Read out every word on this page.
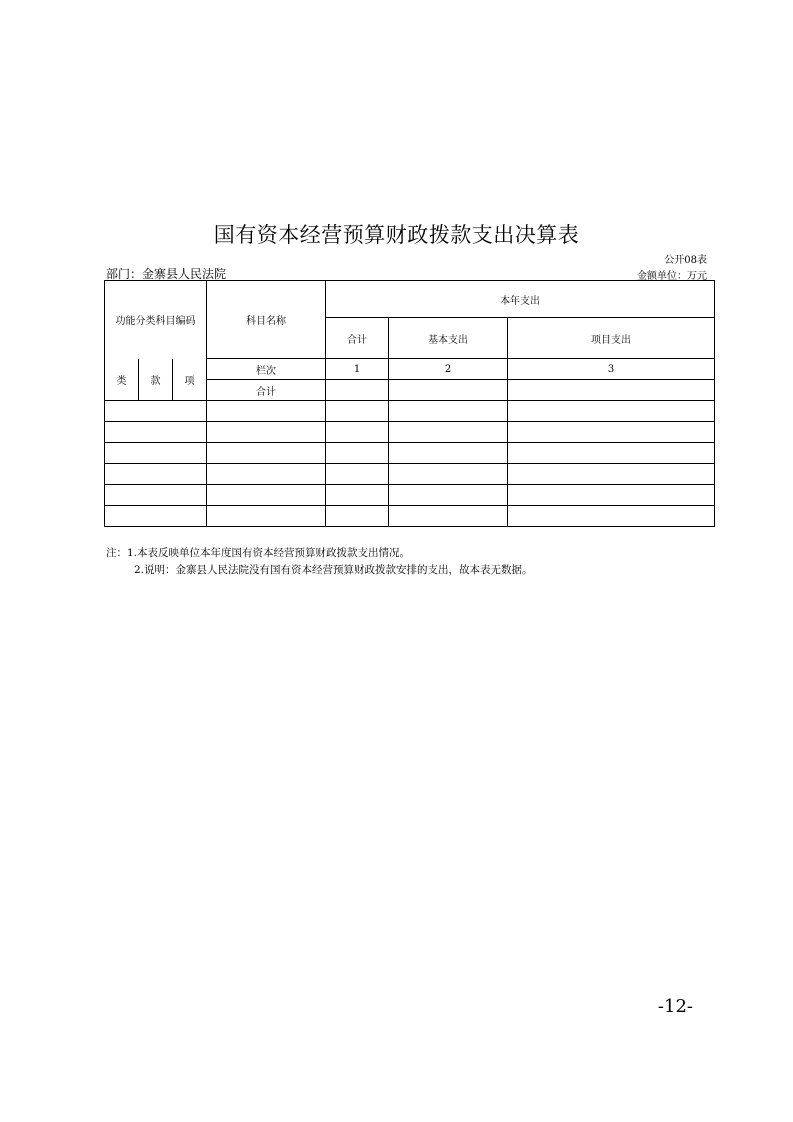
国有资本经营预算财政拨款支出决算表
公开08表
部门：金寨县人民法院	金额单位：万元
功能分类科目编码			科目名称	本年支出		
				合计	基本支出	项目支出
类	款	项	栏次	1	2	3
			合计			

注：1.本表反映单位本年度国有资本经营预算财政拨款支出情况。
2.说明：金寨县人民法院没有国有资本经营预算财政拨款安排的支出，故本表无数据。
-12-
